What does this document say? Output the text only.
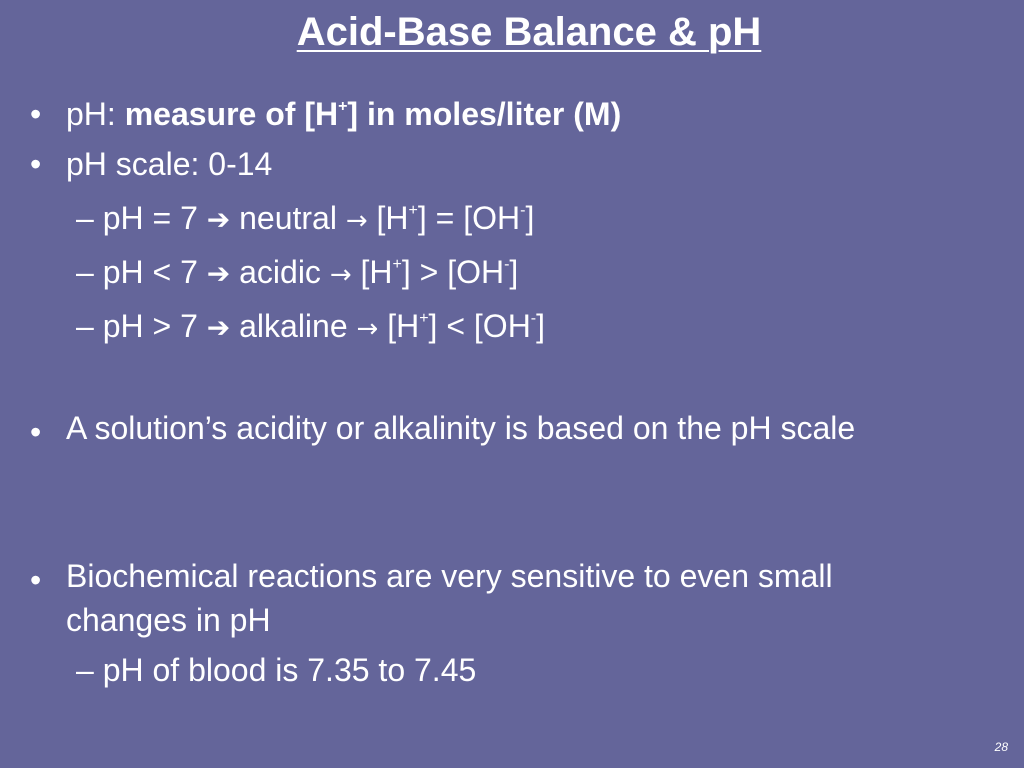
Acid-Base Balance & pH
• pH: measure of [H+] in moles/liter (M)
• pH scale: 0-14
– pH = 7 ➔ neutral → [H+] = [OH-]
– pH < 7 ➔ acidic → [H+] > [OH-]
– pH > 7 ➔ alkaline → [H+] < [OH-]
• A solution’s acidity or alkalinity is based on the pH scale
• Biochemical reactions are very sensitive to even small changes in pH
– pH of blood is 7.35 to 7.45
28
